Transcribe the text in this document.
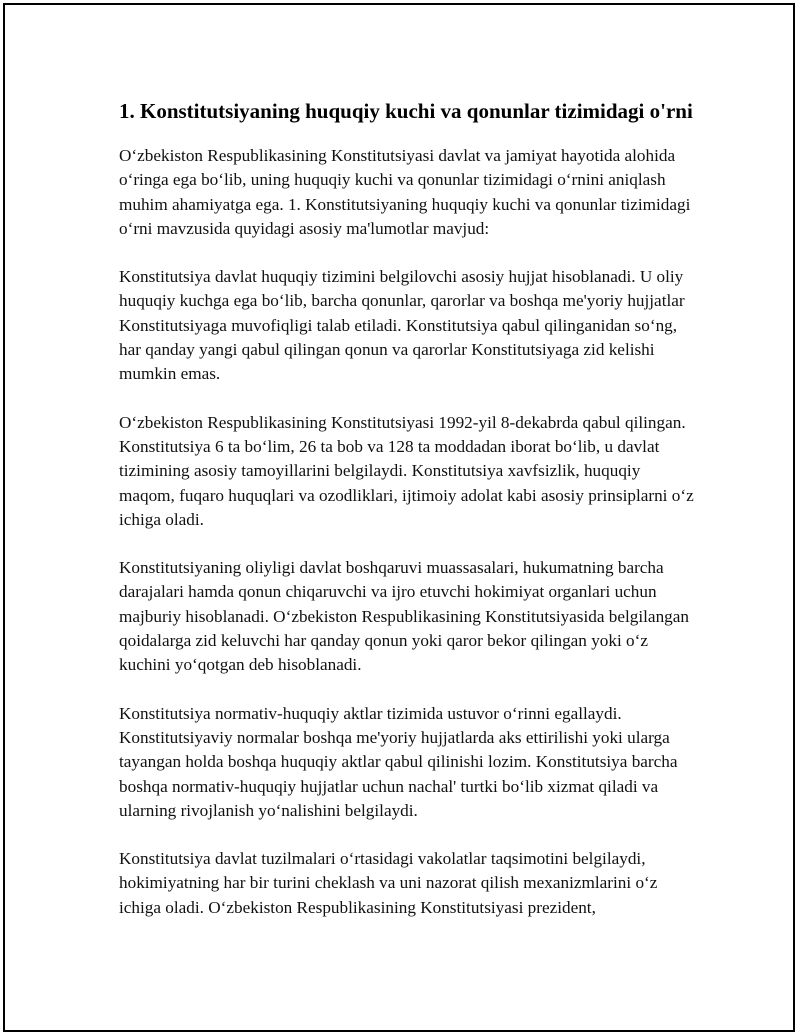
1. Konstitutsiyaning huquqiy kuchi va qonunlar tizimidagi o'rni

O‘zbekiston Respublikasining Konstitutsiyasi davlat va jamiyat hayotida alohida o‘ringa ega bo‘lib, uning huquqiy kuchi va qonunlar tizimidagi o‘rnini aniqlash muhim ahamiyatga ega. 1. Konstitutsiyaning huquqiy kuchi va qonunlar tizimidagi o‘rni mavzusida quyidagi asosiy ma'lumotlar mavjud:

Konstitutsiya davlat huquqiy tizimini belgilovchi asosiy hujjat hisoblanadi. U oliy huquqiy kuchga ega bo‘lib, barcha qonunlar, qarorlar va boshqa me'yoriy hujjatlar Konstitutsiyaga muvofiqligi talab etiladi. Konstitutsiya qabul qilinganidan so‘ng, har qanday yangi qabul qilingan qonun va qarorlar Konstitutsiyaga zid kelishi mumkin emas.

O‘zbekiston Respublikasining Konstitutsiyasi 1992-yil 8-dekabrda qabul qilingan. Konstitutsiya 6 ta bo‘lim, 26 ta bob va 128 ta moddadan iborat bo‘lib, u davlat tizimining asosiy tamoyillarini belgilaydi. Konstitutsiya xavfsizlik, huquqiy maqom, fuqaro huquqlari va ozodliklari, ijtimoiy adolat kabi asosiy prinsiplarni o‘z ichiga oladi.

Konstitutsiyaning oliyligi davlat boshqaruvi muassasalari, hukumatning barcha darajalari hamda qonun chiqaruvchi va ijro etuvchi hokimiyat organlari uchun majburiy hisoblanadi. O‘zbekiston Respublikasining Konstitutsiyasida belgilangan qoidalarga zid keluvchi har qanday qonun yoki qaror bekor qilingan yoki o‘z kuchini yo‘qotgan deb hisoblanadi.

Konstitutsiya normativ-huquqiy aktlar tizimida ustuvor o‘rinni egallaydi. Konstitutsiyaviy normalar boshqa me'yoriy hujjatlarda aks ettirilishi yoki ularga tayangan holda boshqa huquqiy aktlar qabul qilinishi lozim. Konstitutsiya barcha boshqa normativ-huquqiy hujjatlar uchun nachal' turtki bo‘lib xizmat qiladi va ularning rivojlanish yo‘nalishini belgilaydi.

Konstitutsiya davlat tuzilmalari o‘rtasidagi vakolatlar taqsimotini belgilaydi, hokimiyatning har bir turini cheklash va uni nazorat qilish mexanizmlarini o‘z ichiga oladi. O‘zbekiston Respublikasining Konstitutsiyasi prezident,
